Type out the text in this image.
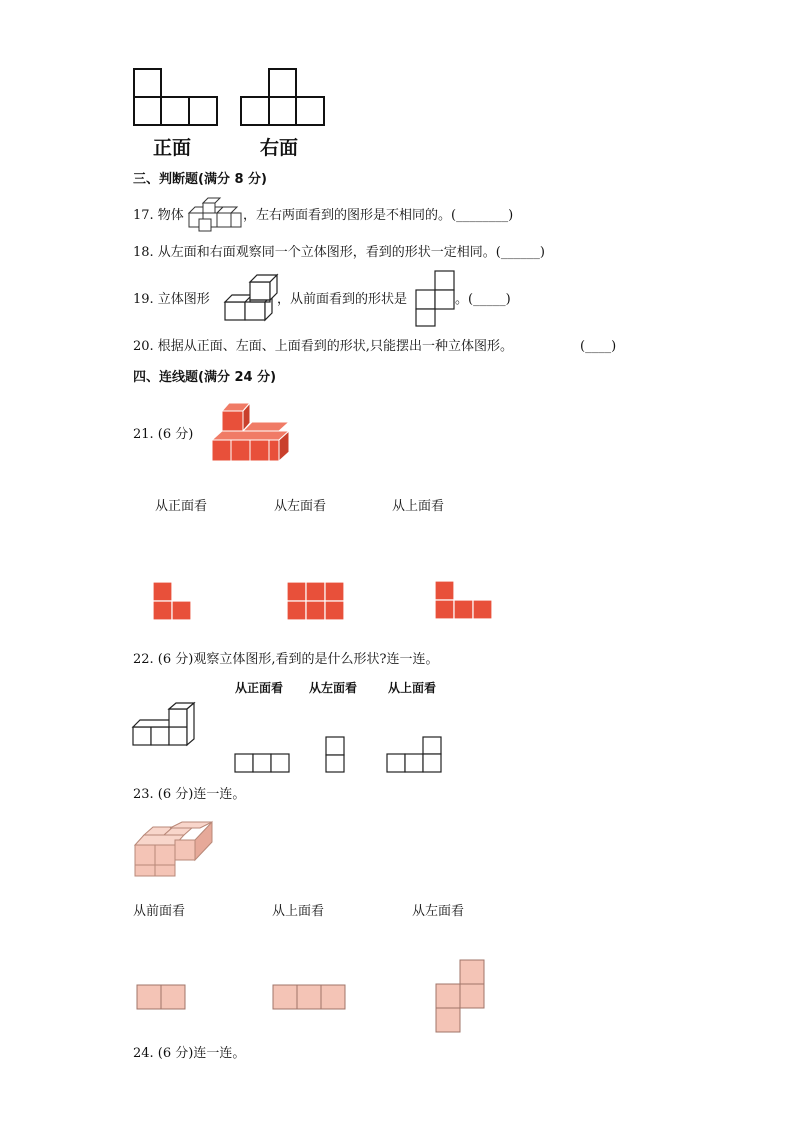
正面	右面
三、判断题(满分 8 分)
17. 物体	，左右两面看到的图形是不相同的。(________)
18. 从左面和右面观察同一个立体图形，看到的形状一定相同。(______)
19. 立体图形	，从前面看到的形状是	。(_____)
20. 根据从正面、左面、上面看到的形状,只能摆出一种立体图形。	(____)
四、连线题(满分 24 分)
21. (6 分)
从正面看	从左面看	从上面看
22. (6 分)观察立体图形,看到的是什么形状?连一连。
从正面看 从左面看	从上面看
23. (6 分)连一连。
从前面看	从上面看	从左面看
24. (6 分)连一连。
